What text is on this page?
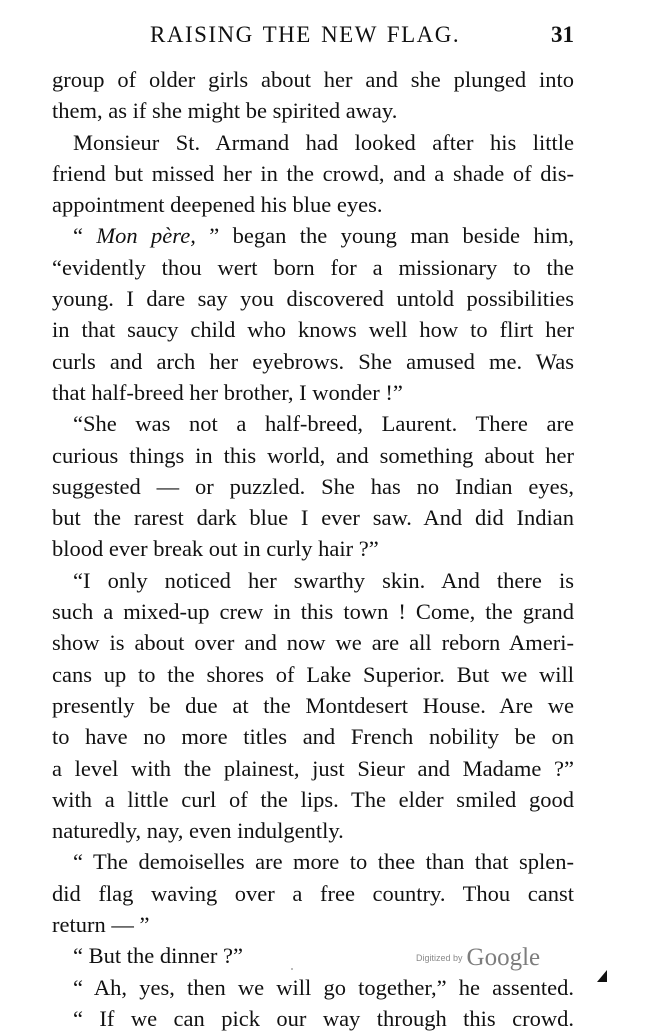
RAISING THE NEW FLAG.	31
group of older girls about her and she plunged into
them, as if she might be spirited away.
Monsieur St. Armand had looked after his little
friend but missed her in the crowd, and a shade of dis-
appointment deepened his blue eyes.
“ Mon père, ” began the young man beside him,
“evidently thou wert born for a missionary to the
young. I dare say you discovered untold possibilities
in that saucy child who knows well how to flirt her
curls and arch her eyebrows. She amused me. Was
that half-breed her brother, I wonder !”
“She was not a half-breed, Laurent. There are
curious things in this world, and something about her
suggested — or puzzled. She has no Indian eyes,
but the rarest dark blue I ever saw. And did Indian
blood ever break out in curly hair ?”
“I only noticed her swarthy skin. And there is
such a mixed-up crew in this town ! Come, the grand
show is about over and now we are all reborn Ameri-
cans up to the shores of Lake Superior. But we will
presently be due at the Montdesert House. Are we
to have no more titles and French nobility be on
a level with the plainest, just Sieur and Madame ?”
with a little curl of the lips. The elder smiled good
naturedly, nay, even indulgently.
“ The demoiselles are more to thee than that splen-
did flag waving over a free country. Thou canst
return — ”
“ But the dinner ?”
“ Ah, yes, then we will go together,” he assented.
“ If we can pick our way through this crowd.
Digitized by Google
